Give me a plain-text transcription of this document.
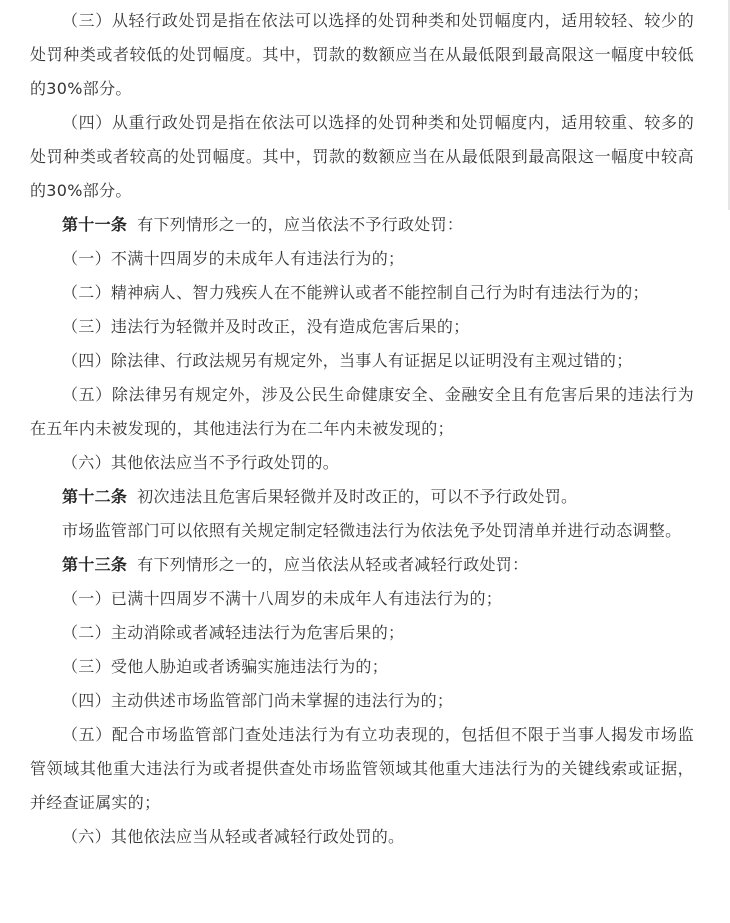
（三）从轻行政处罚是指在依法可以选择的处罚种类和处罚幅度内，适用较轻、较少的处罚种类或者较低的处罚幅度。其中，罚款的数额应当在从最低限到最高限这一幅度中较低的30%部分。

（四）从重行政处罚是指在依法可以选择的处罚种类和处罚幅度内，适用较重、较多的处罚种类或者较高的处罚幅度。其中，罚款的数额应当在从最低限到最高限这一幅度中较高的30%部分。

第十一条 有下列情形之一的，应当依法不予行政处罚：

（一）不满十四周岁的未成年人有违法行为的；

（二）精神病人、智力残疾人在不能辨认或者不能控制自己行为时有违法行为的；

（三）违法行为轻微并及时改正，没有造成危害后果的；

（四）除法律、行政法规另有规定外，当事人有证据足以证明没有主观过错的；

（五）除法律另有规定外，涉及公民生命健康安全、金融安全且有危害后果的违法行为在五年内未被发现的，其他违法行为在二年内未被发现的；

（六）其他依法应当不予行政处罚的。

第十二条 初次违法且危害后果轻微并及时改正的，可以不予行政处罚。

市场监管部门可以依照有关规定制定轻微违法行为依法免予处罚清单并进行动态调整。

第十三条 有下列情形之一的，应当依法从轻或者减轻行政处罚：

（一）已满十四周岁不满十八周岁的未成年人有违法行为的；

（二）主动消除或者减轻违法行为危害后果的；

（三）受他人胁迫或者诱骗实施违法行为的；

（四）主动供述市场监管部门尚未掌握的违法行为的；

（五）配合市场监管部门查处违法行为有立功表现的，包括但不限于当事人揭发市场监管领域其他重大违法行为或者提供查处市场监管领域其他重大违法行为的关键线索或证据，并经查证属实的；

（六）其他依法应当从轻或者减轻行政处罚的。
